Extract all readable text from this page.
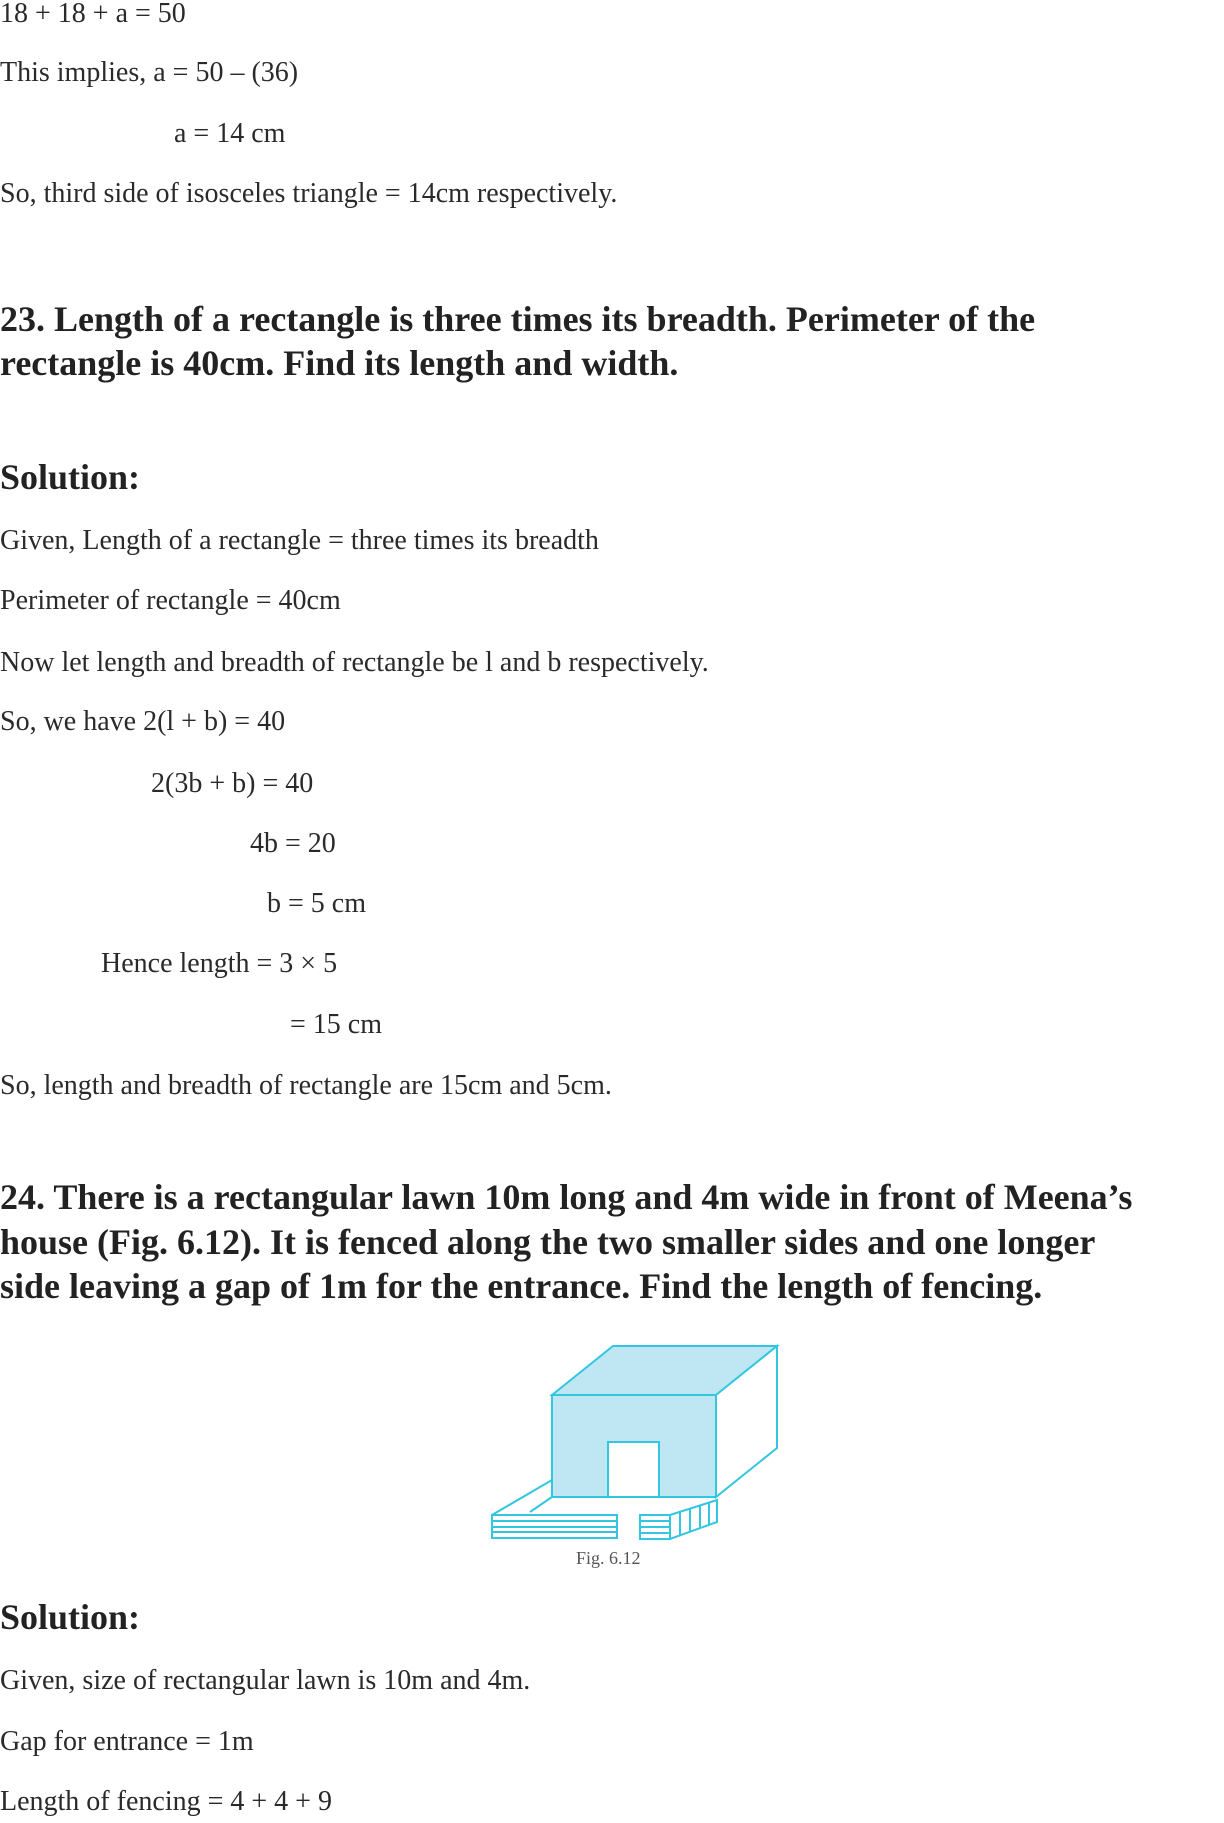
18 + 18 + a = 50
This implies, a = 50 – (36)
a = 14 cm
So, third side of isosceles triangle = 14cm respectively.
23. Length of a rectangle is three times its breadth. Perimeter of the
rectangle is 40cm. Find its length and width.
Solution:
Given, Length of a rectangle = three times its breadth
Perimeter of rectangle = 40cm
Now let length and breadth of rectangle be l and b respectively.
So, we have 2(l + b) = 40
2(3b + b) = 40
4b = 20
b = 5 cm
Hence length = 3 × 5
= 15 cm
So, length and breadth of rectangle are 15cm and 5cm.
24. There is a rectangular lawn 10m long and 4m wide in front of Meena’s
house (Fig. 6.12). It is fenced along the two smaller sides and one longer
side leaving a gap of 1m for the entrance. Find the length of fencing.
Fig. 6.12
Solution:
Given, size of rectangular lawn is 10m and 4m.
Gap for entrance = 1m
Length of fencing = 4 + 4 + 9
